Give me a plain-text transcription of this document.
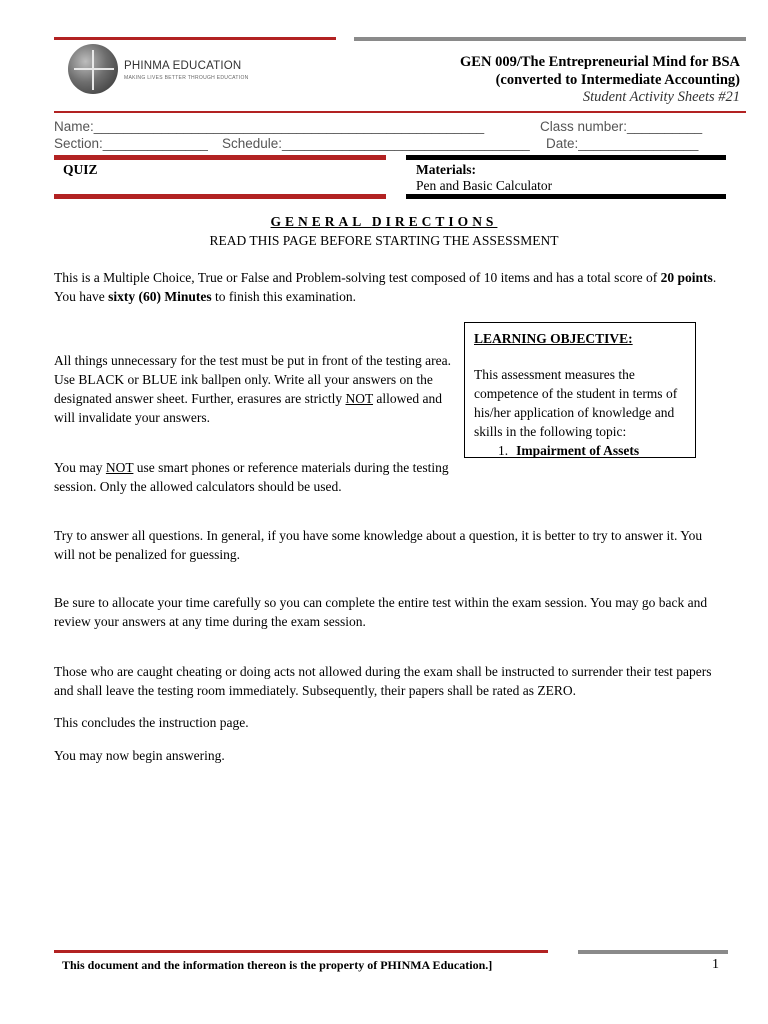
PHINMA EDUCATION
MAKING LIVES BETTER THROUGH EDUCATION
GEN 009/The Entrepreneurial Mind for BSA
(converted to Intermediate Accounting)
Student Activity Sheets #21
Name:____________________________________________________	Class number:__________
Section:______________ Schedule:_________________________________ Date:________________
QUIZ	Materials:
Pen and Basic Calculator
GENERAL DIRECTIONS
READ THIS PAGE BEFORE STARTING THE ASSESSMENT
This is a Multiple Choice, True or False and Problem-solving test composed of 10 items and has a total score of 20 points. You have sixty (60) Minutes to finish this examination.
All things unnecessary for the test must be put in front of the testing area. Use BLACK or BLUE ink ballpen only. Write all your answers on the designated answer sheet. Further, erasures are strictly NOT allowed and will invalidate your answers.
You may NOT use smart phones or reference materials during the testing session. Only the allowed calculators should be used.
LEARNING OBJECTIVE:
This assessment measures the competence of the student in terms of his/her application of knowledge and skills in the following topic:
1. Impairment of Assets
Try to answer all questions. In general, if you have some knowledge about a question, it is better to try to answer it. You will not be penalized for guessing.
Be sure to allocate your time carefully so you can complete the entire test within the exam session. You may go back and review your answers at any time during the exam session.
Those who are caught cheating or doing acts not allowed during the exam shall be instructed to surrender their test papers and shall leave the testing room immediately. Subsequently, their papers shall be rated as ZERO.
This concludes the instruction page.
You may now begin answering.
This document and the information thereon is the property of PHINMA Education.]	1
